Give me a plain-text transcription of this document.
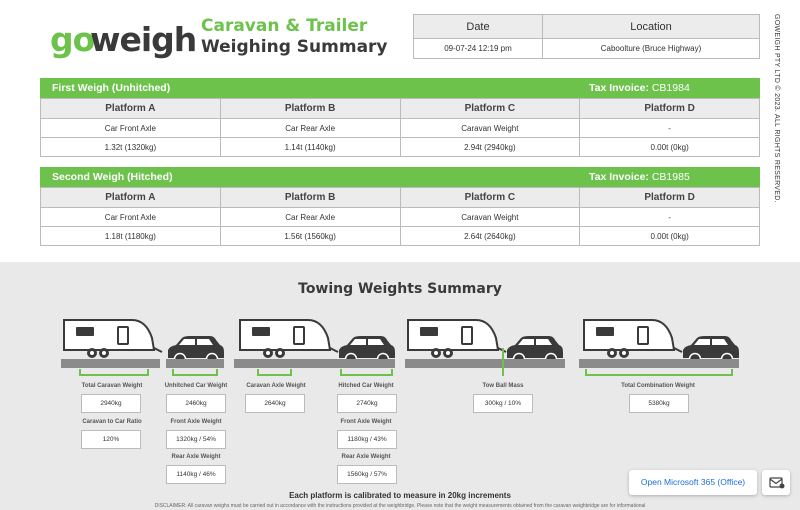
go
weigh Caravan & Trailer
Weighing Summary
Date	Location
09-07-24 12:19 pm	Caboolture (Bruce Highway)	GOWEIGH PTY LTD © 2023. ALL RIGHTS RESERVED.
First Weigh (Unhitched)	Tax Invoice: CB1984
Platform A	Platform B	Platform C	Platform D
Car Front Axle	Car Rear Axle	Caravan Weight	-
1.32t (1320kg)	1.14t (1140kg)	2.94t (2940kg)	0.00t (0kg)
Second Weigh (Hitched)	Tax Invoice: CB1985
Platform A	Platform B	Platform C	Platform D
Car Front Axle	Car Rear Axle	Caravan Weight	-
1.18t (1180kg)	1.56t (1560kg)	2.64t (2640kg)	0.00t (0kg)
Towing Weights Summary
Total Caravan Weight
2940kg
Caravan to Car Ratio
120%
Unhitched Car Weight
2460kg
Front Axle Weight
1320kg / 54%
Rear Axle Weight
1140kg / 46%
Caravan Axle Weight
2640kg
Hitched Car Weight
2740kg
Front Axle Weight
1180kg / 43%
Rear Axle Weight
1560kg / 57%
Tow Ball Mass
300kg / 10%
Total Combination Weight
5380kg
Each platform is calibrated to measure in 20kg increments
DISCLAIMER: All caravan weighs must be carried out in accordance with the instructions provided at the weighbridge. Please note that the weight measurements obtained from the caravan weighbridge are for informational
Open Microsoft 365 (Office)
